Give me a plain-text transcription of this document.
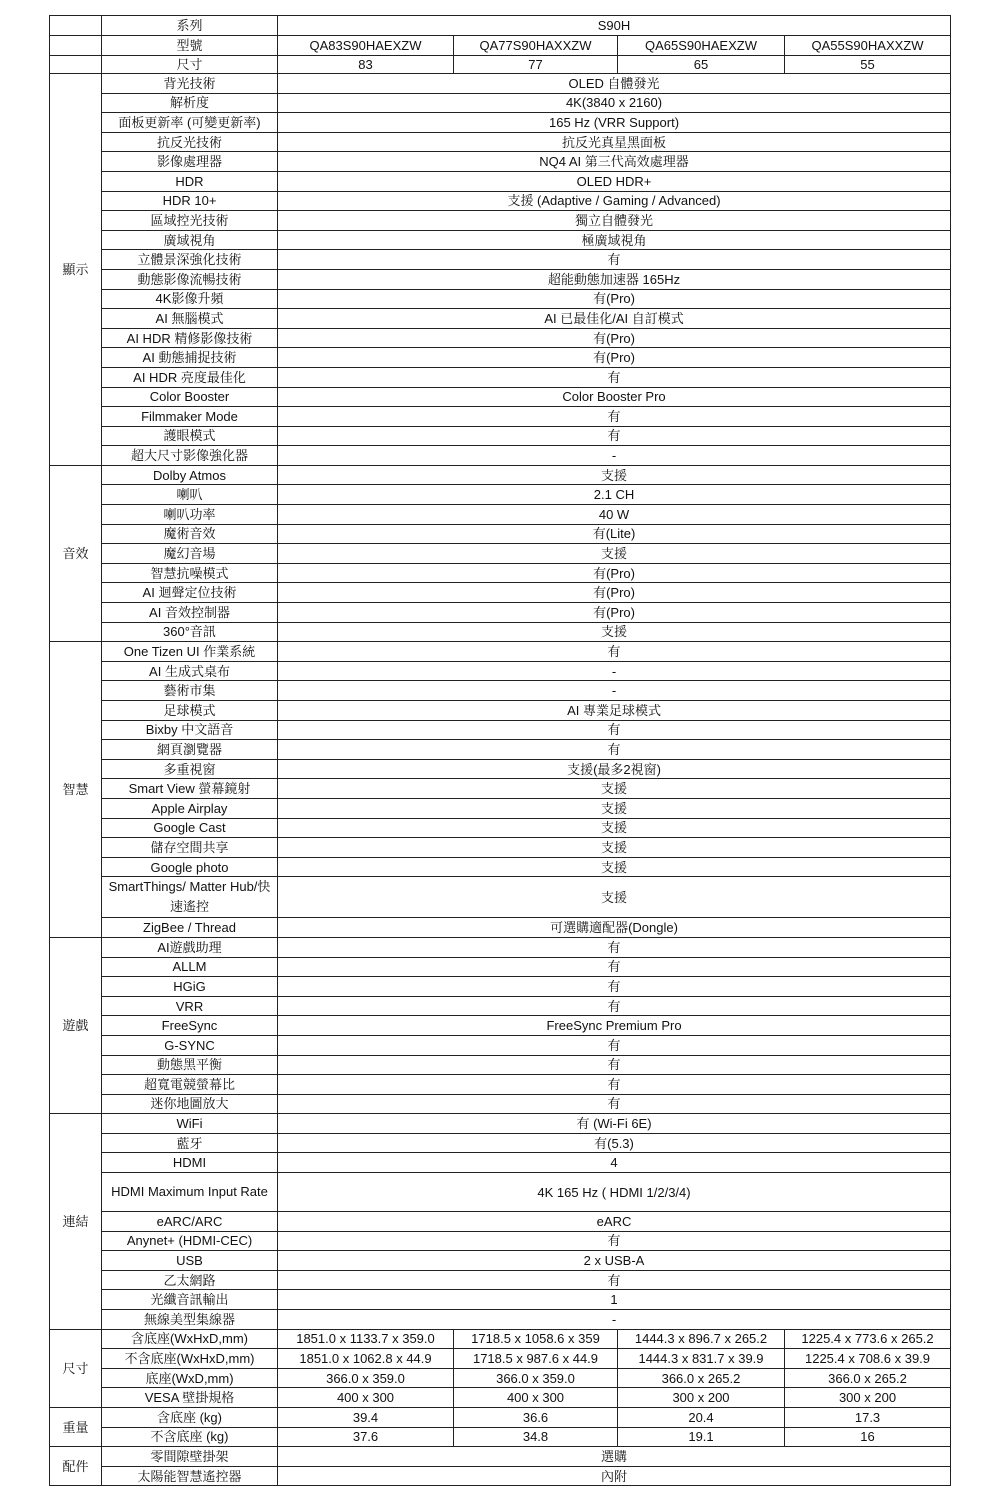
	系列	S90H			
	型號	QA83S90HAEXZW	QA77S90HAXXZW	QA65S90HAEXZW	QA55S90HAXXZW
	尺寸	83	77	65	55
顯示	背光技術	OLED 自體發光			
	解析度	4K(3840 x 2160)			
	面板更新率 (可變更新率)	165 Hz (VRR Support)			
	抗反光技術	抗反光真星黑面板			
	影像處理器	NQ4 AI 第三代高效處理器			
	HDR	OLED HDR+			
	HDR 10+	支援 (Adaptive / Gaming / Advanced)			
	區域控光技術	獨立自體發光			
	廣域視角	極廣域視角			
	立體景深強化技術	有			
	動態影像流暢技術	超能動態加速器 165Hz			
	4K影像升頻	有(Pro)			
	AI 無腦模式	AI 已最佳化/AI 自訂模式			
	AI HDR 精修影像技術	有(Pro)			
	AI 動態捕捉技術	有(Pro)			
	AI HDR 亮度最佳化	有			
	Color Booster	Color Booster Pro			
	Filmmaker Mode	有			
	護眼模式	有			
	超大尺寸影像強化器	-			
音效	Dolby Atmos	支援			
	喇叭	2.1 CH			
	喇叭功率	40 W			
	魔術音效	有(Lite)			
	魔幻音場	支援			
	智慧抗噪模式	有(Pro)			
	AI 迴聲定位技術	有(Pro)			
	AI 音效控制器	有(Pro)			
	360°音訊	支援			
智慧	One Tizen UI 作業系統	有			
	AI 生成式桌布	-			
	藝術市集	-			
	足球模式	AI 專業足球模式			
	Bixby 中文語音	有			
	網頁瀏覽器	有			
	多重視窗	支援(最多2視窗)			
	Smart View 螢幕鏡射	支援			
	Apple Airplay	支援			
	Google Cast	支援			
	儲存空間共享	支援			
	Google photo	支援			
	SmartThings/ Matter Hub/快速遙控	支援			
	ZigBee / Thread	可選購適配器(Dongle)			
遊戲	AI遊戲助理	有			
	ALLM	有			
	HGiG	有			
	VRR	有			
	FreeSync	FreeSync Premium Pro			
	G-SYNC	有			
	動態黑平衡	有			
	超寬電競螢幕比	有			
	迷你地圖放大	有			
連結	WiFi	有 (Wi-Fi 6E)			
	藍牙	有(5.3)			
	HDMI	4			
	HDMI Maximum Input Rate	4K 165 Hz ( HDMI 1/2/3/4)			
	eARC/ARC	eARC			
	Anynet+ (HDMI-CEC)	有			
	USB	2 x USB-A			
	乙太網路	有			
	光纖音訊輸出	1			
	無線美型集線器	-			
尺寸	含底座(WxHxD,mm)	1851.0 x 1133.7 x 359.0	1718.5 x 1058.6 x 359	1444.3 x 896.7 x 265.2	1225.4 x 773.6 x 265.2
	不含底座(WxHxD,mm)	1851.0 x 1062.8 x 44.9	1718.5 x 987.6 x 44.9	1444.3 x 831.7 x 39.9	1225.4 x 708.6 x 39.9
	底座(WxD,mm)	366.0 x 359.0	366.0 x 359.0	366.0 x 265.2	366.0 x 265.2
	VESA 壁掛規格	400 x 300	400 x 300	300 x 200	300 x 200
重量	含底座 (kg)	39.4	36.6	20.4	17.3
	不含底座 (kg)	37.6	34.8	19.1	16
配件	零間隙壁掛架	選購			
	太陽能智慧遙控器	內附			
